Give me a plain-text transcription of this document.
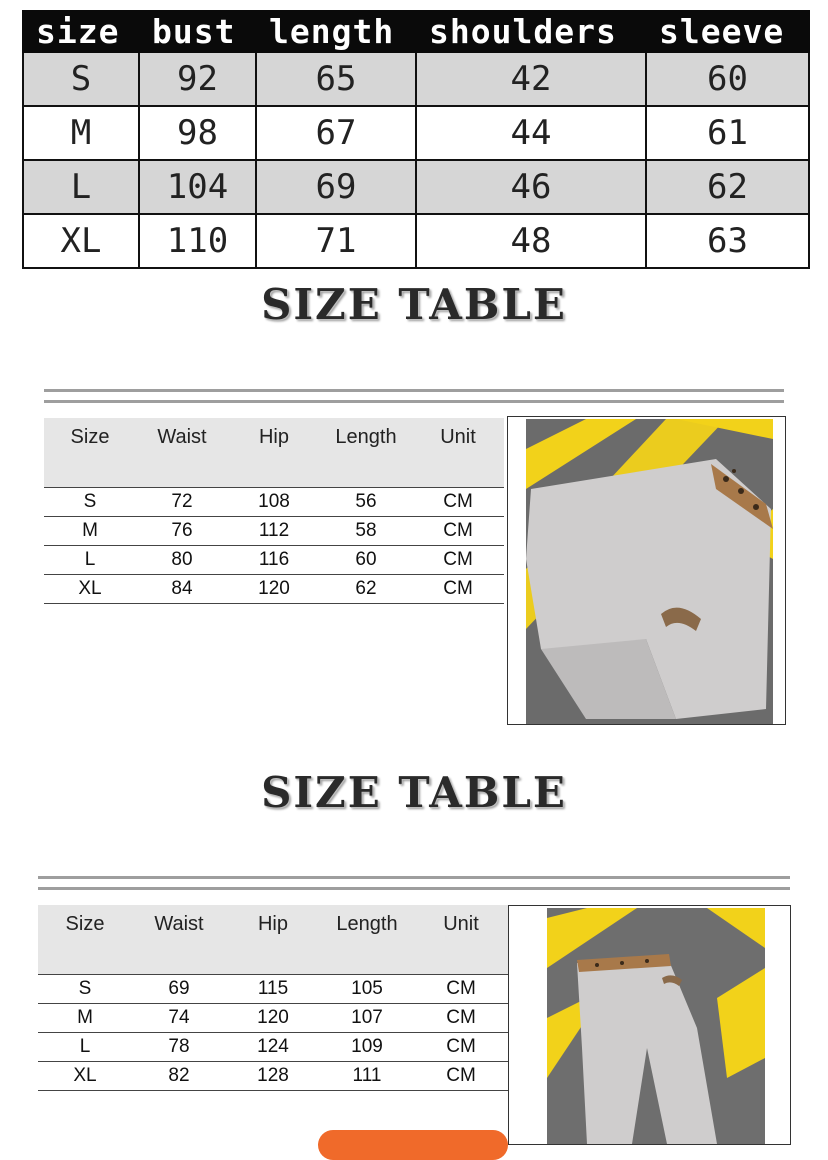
size	bust	length	shoulders	sleeve
S	92	65	42	60
M	98	67	44	61
L	104	69	46	62
XL	110	71	48	63
SIZE TABLE
Size	Waist	Hip	Length	Unit
S	72	108	56	CM
M	76	112	58	CM
L	80	116	60	CM
XL	84	120	62	CM
SIZE TABLE
Size	Waist	Hip	Length	Unit
S	69	115	105	CM
M	74	120	107	CM
L	78	124	109	CM
XL	82	128	111	CM
